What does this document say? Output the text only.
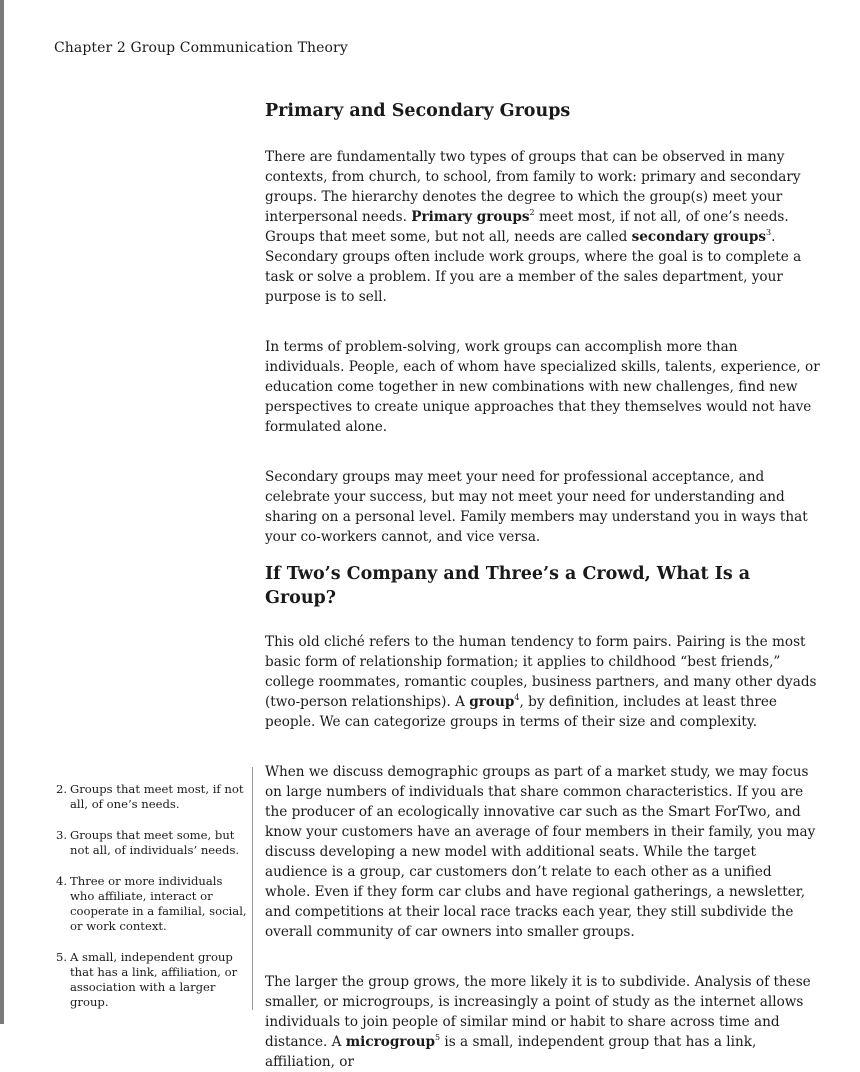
Chapter 2 Group Communication Theory
Primary and Secondary Groups

There are fundamentally two types of groups that can be observed in many contexts, from church, to school, from family to work: primary and secondary groups. The hierarchy denotes the degree to which the group(s) meet your interpersonal needs. Primary groups$^2$ meet most, if not all, of one’s needs. Groups that meet some, but not all, needs are called secondary groups$^3$. Secondary groups often include work groups, where the goal is to complete a task or solve a problem. If you are a member of the sales department, your purpose is to sell.

In terms of problem-solving, work groups can accomplish more than individuals. People, each of whom have specialized skills, talents, experience, or education come together in new combinations with new challenges, find new perspectives to create unique approaches that they themselves would not have formulated alone.

Secondary groups may meet your need for professional acceptance, and celebrate your success, but may not meet your need for understanding and sharing on a personal level. Family members may understand you in ways that your co-workers cannot, and vice versa.

If Two’s Company and Three’s a Crowd, What Is a Group?

This old cliché refers to the human tendency to form pairs. Pairing is the most basic form of relationship formation; it applies to childhood “best friends,” college roommates, romantic couples, business partners, and many other dyads (two-person relationships). A group$^4$, by definition, includes at least three people. We can categorize groups in terms of their size and complexity.

When we discuss demographic groups as part of a market study, we may focus on large numbers of individuals that share common characteristics. If you are the producer of an ecologically innovative car such as the Smart ForTwo, and know your customers have an average of four members in their family, you may discuss developing a new model with additional seats. While the target audience is a group, car customers don’t relate to each other as a unified whole. Even if they form car clubs and have regional gatherings, a newsletter, and competitions at their local race tracks each year, they still subdivide the overall community of car owners into smaller groups.

The larger the group grows, the more likely it is to subdivide. Analysis of these smaller, or microgroups, is increasingly a point of study as the internet allows individuals to join people of similar mind or habit to share across time and distance. A microgroup$^5$ is a small, independent group that has a link, affiliation, or

2. Groups that meet most, if not all, of one’s needs.
3. Groups that meet some, but not all, of individuals’ needs.
4. Three or more individuals who affiliate, interact or cooperate in a familial, social, or work context.
5. A small, independent group that has a link, affiliation, or association with a larger group.
